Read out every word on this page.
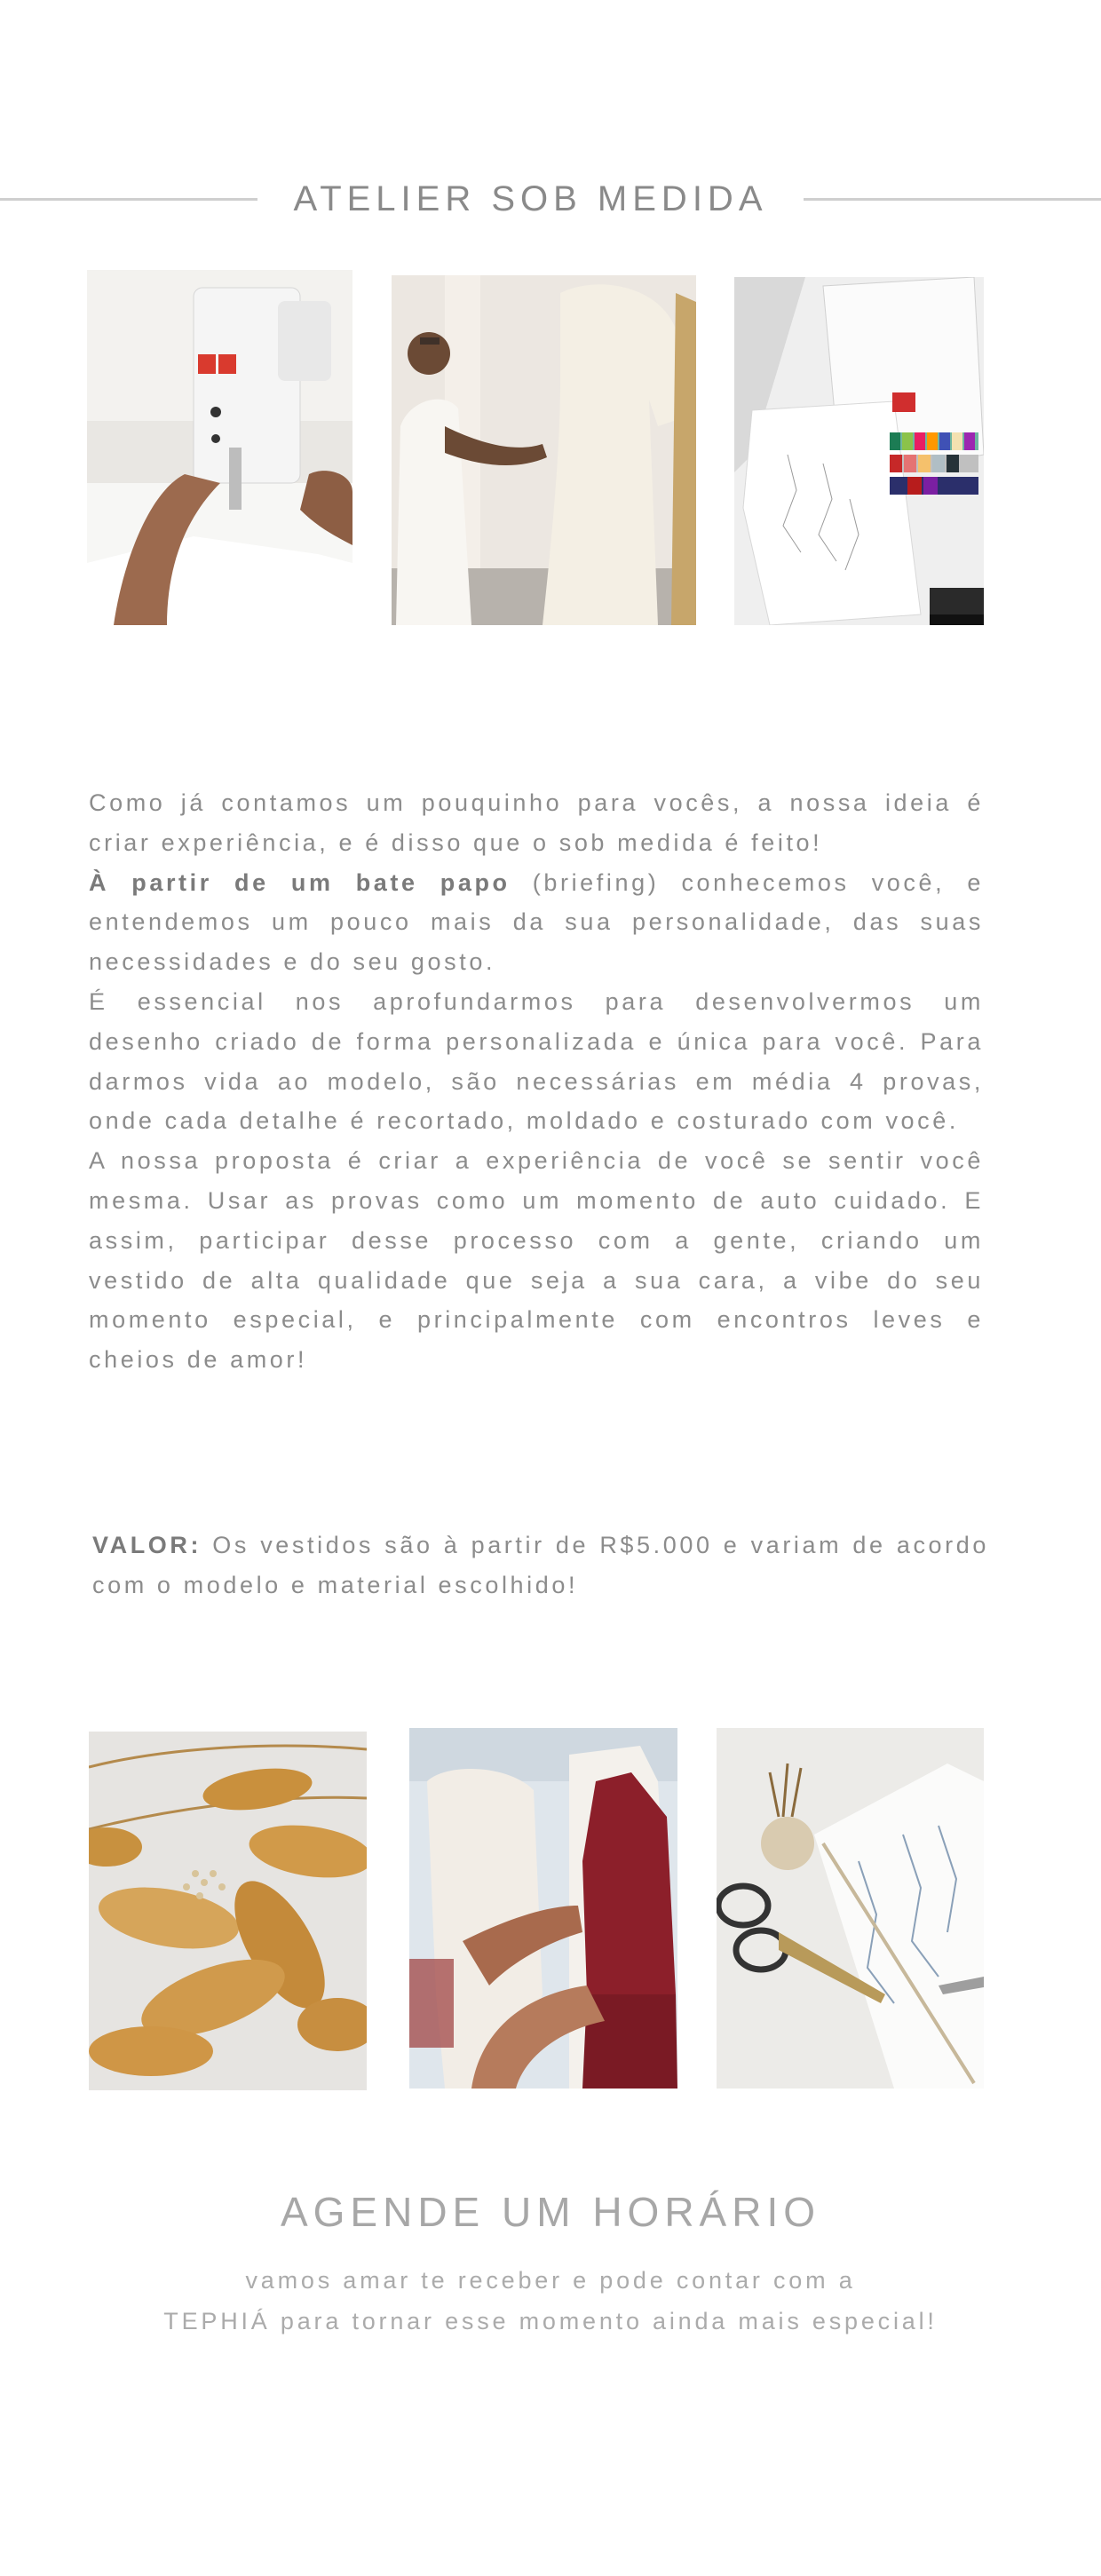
ATELIER SOB MEDIDA

Como já contamos um pouquinho para vocês, a nossa ideia é criar experiência, e é disso que o sob medida é feito!

À partir de um bate papo (briefing) conhecemos você, e entendemos um pouco mais da sua personalidade, das suas necessidades e do seu gosto.

É essencial nos aprofundarmos para desenvolvermos um desenho criado de forma personalizada e única para você. Para darmos vida ao modelo, são necessárias em média 4 provas, onde cada detalhe é recortado, moldado e costurado com você.

A nossa proposta é criar a experiência de você se sentir você mesma. Usar as provas como um momento de auto cuidado. E assim, participar desse processo com a gente, criando um vestido de alta qualidade que seja a sua cara, a vibe do seu momento especial, e principalmente com encontros leves e cheios de amor!

VALOR: Os vestidos são à partir de R$5.000 e variam de acordo com o modelo e material escolhido!
AGENDE UM HORÁRIO
vamos amar te receber e pode contar com a
TEPHIÁ para tornar esse momento ainda mais especial!
